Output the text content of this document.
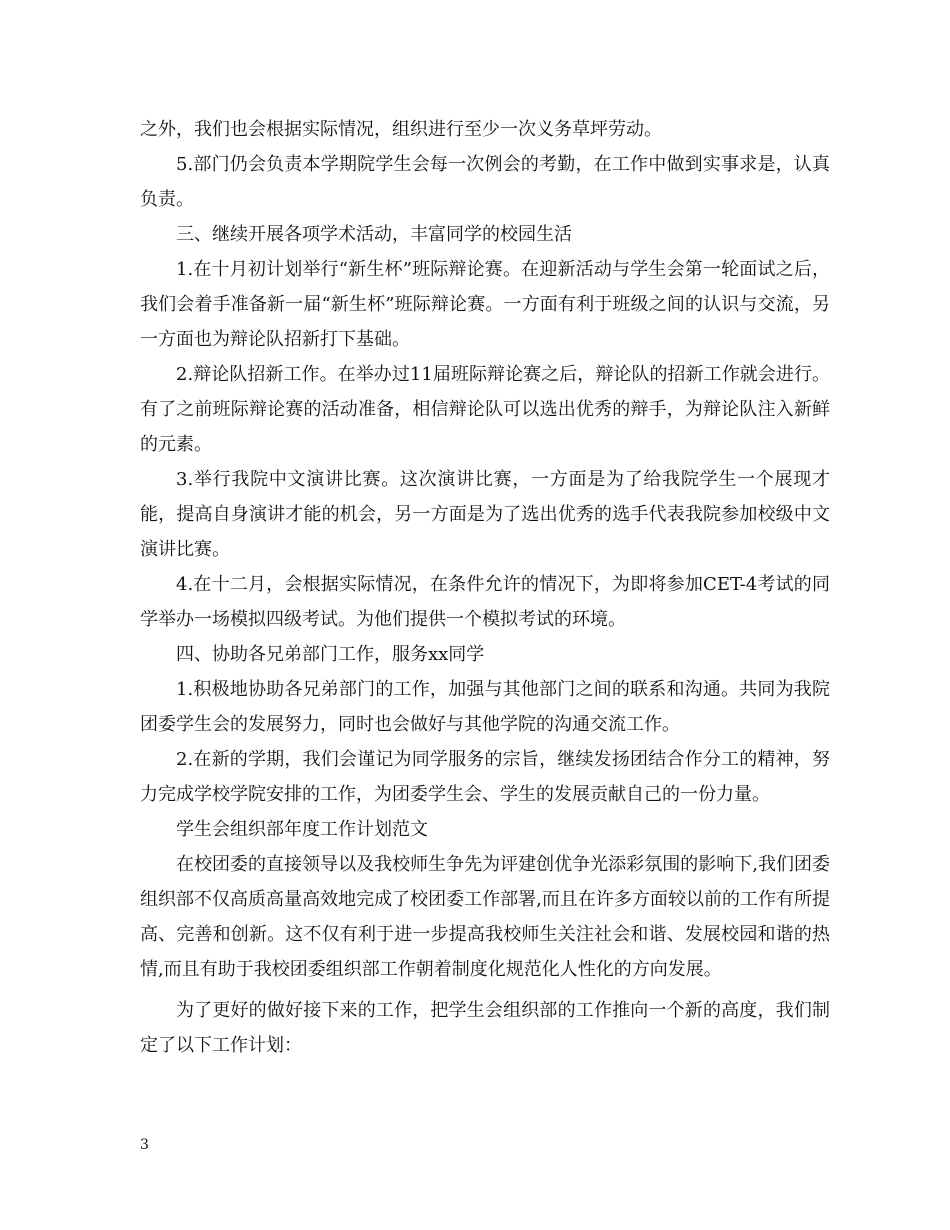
之外，我们也会根据实际情况，组织进行至少一次义务草坪劳动。

5.部门仍会负责本学期院学生会每一次例会的考勤，在工作中做到实事求是，认真负责。

三、继续开展各项学术活动，丰富同学的校园生活

1.在十月初计划举行“新生杯”班际辩论赛。在迎新活动与学生会第一轮面试之后，我们会着手准备新一届“新生杯”班际辩论赛。一方面有利于班级之间的认识与交流，另一方面也为辩论队招新打下基础。

2.辩论队招新工作。在举办过11届班际辩论赛之后，辩论队的招新工作就会进行。有了之前班际辩论赛的活动准备，相信辩论队可以选出优秀的辩手，为辩论队注入新鲜的元素。

3.举行我院中文演讲比赛。这次演讲比赛，一方面是为了给我院学生一个展现才能，提高自身演讲才能的机会，另一方面是为了选出优秀的选手代表我院参加校级中文演讲比赛。

4.在十二月，会根据实际情况，在条件允许的情况下，为即将参加CET-4考试的同学举办一场模拟四级考试。为他们提供一个模拟考试的环境。

四、协助各兄弟部门工作，服务xx同学

1.积极地协助各兄弟部门的工作，加强与其他部门之间的联系和沟通。共同为我院团委学生会的发展努力，同时也会做好与其他学院的沟通交流工作。

2.在新的学期，我们会谨记为同学服务的宗旨，继续发扬团结合作分工的精神，努力完成学校学院安排的工作，为团委学生会、学生的发展贡献自己的一份力量。

学生会组织部年度工作计划范文

在校团委的直接领导以及我校师生争先为评建创优争光添彩氛围的影响下,我们团委组织部不仅高质高量高效地完成了校团委工作部署,而且在许多方面较以前的工作有所提高、完善和创新。这不仅有利于进一步提高我校师生关注社会和谐、发展校园和谐的热情,而且有助于我校团委组织部工作朝着制度化规范化人性化的方向发展。

为了更好的做好接下来的工作，把学生会组织部的工作推向一个新的高度，我们制定了以下工作计划：

3
